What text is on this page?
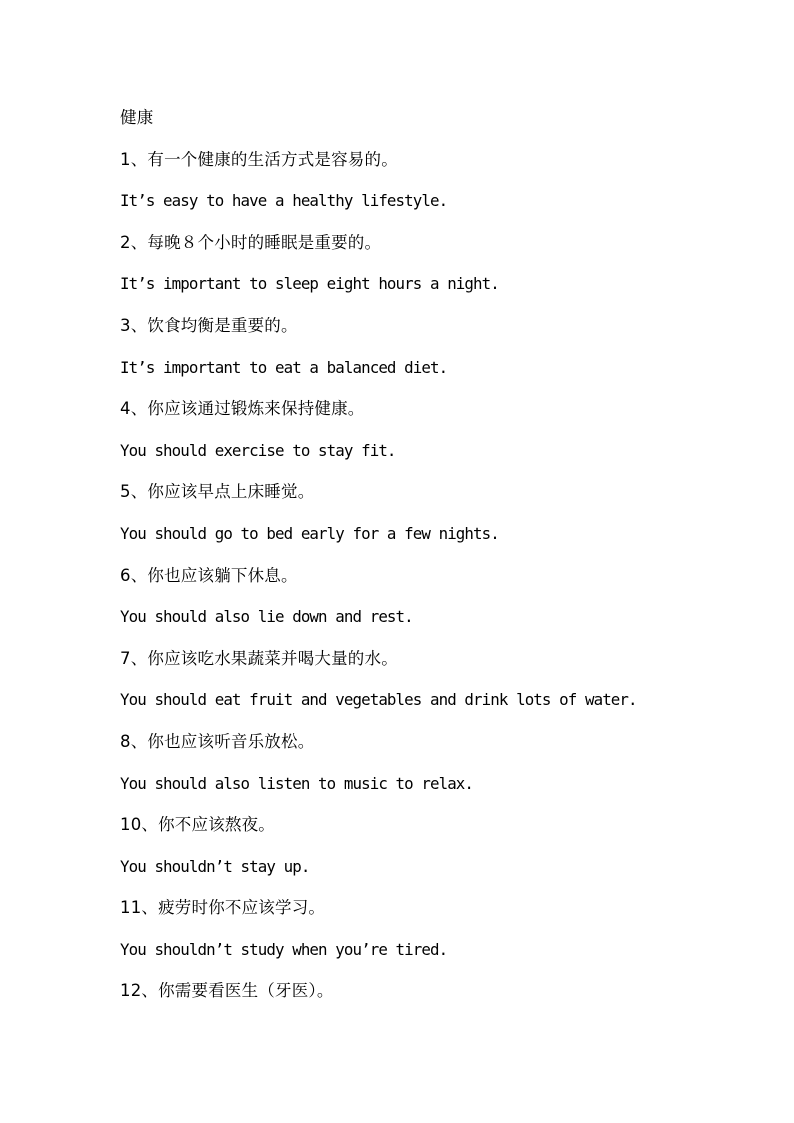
健康
1、有一个健康的生活方式是容易的。
It’s easy to have a healthy lifestyle.
2、每晚８个小时的睡眠是重要的。
It’s important to sleep eight hours a night.
3、饮食均衡是重要的。
It’s important to eat a balanced diet.
4、你应该通过锻炼来保持健康。
You should exercise to stay fit.
5、你应该早点上床睡觉。
You should go to bed early for a few nights.
6、你也应该躺下休息。
You should also lie down and rest.
7、你应该吃水果蔬菜并喝大量的水。
You should eat fruit and vegetables and drink lots of water.
8、你也应该听音乐放松。
You should also listen to music to relax.
10、你不应该熬夜。
You shouldn’t stay up.
11、疲劳时你不应该学习。
You shouldn’t study when you’re tired.
12、你需要看医生（牙医）。
